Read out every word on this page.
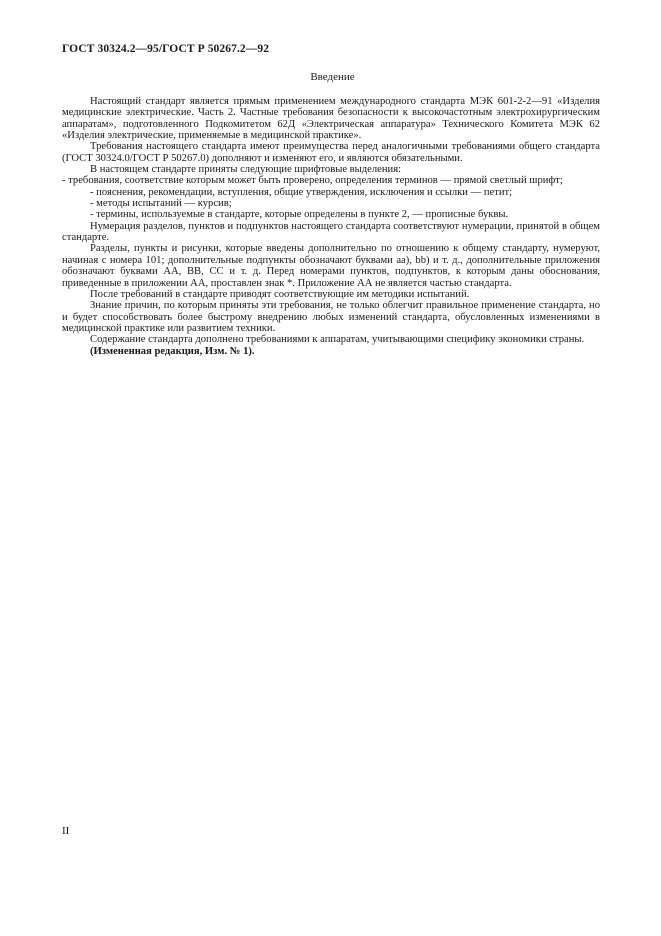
ГОСТ 30324.2—95/ГОСТ Р 50267.2—92
Введение

Настоящий стандарт является прямым применением международного стандарта МЭК 601-2-2—91 «Изделия медицинские электрические. Часть 2. Частные требования безопасности к высокочастотным электрохирургическим аппаратам», подготовленного Подкомитетом 62Д «Электрическая аппаратура» Технического Комитета МЭК 62 «Изделия электрические, применяемые в медицинской практике».

Требования настоящего стандарта имеют преимущества перед аналогичными требованиями общего стандарта (ГОСТ 30324.0/ГОСТ Р 50267.0) дополняют и изменяют его, и являются обязательными.

В настоящем стандарте приняты следующие шрифтовые выделения:

- требования, соответствие которым может быть проверено, определения терминов — прямой светлый шрифт;

- пояснения, рекомендации, вступления, общие утверждения, исключения и ссылки — петит;

- методы испытаний — курсив;

- термины, используемые в стандарте, которые определены в пункте 2, — прописные буквы.

Нумерация разделов, пунктов и подпунктов настоящего стандарта соответствуют нумерации, принятой в общем стандарте.

Разделы, пункты и рисунки, которые введены дополнительно по отношению к общему стандарту, нумеруют, начиная с номера 101; дополнительные подпункты обозначают буквами аа), bb) и т. д., дополнительные приложения обозначают буквами АА, ВВ, СС и т. д. Перед номерами пунктов, подпунктов, к которым даны обоснования, приведенные в приложении АА, проставлен знак *. Приложение АА не является частью стандарта.

После требований в стандарте приводят соответствующие им методики испытаний.

Знание причин, по которым приняты эти требования, не только облегчит правильное применение стандарта, но и будет способствовать более быстрому внедрению любых изменений стандарта, обусловленных изменениями в медицинской практике или развитием техники.

Содержание стандарта дополнено требованиями к аппаратам, учитывающими специфику экономики страны.

(Измененная редакция, Изм. № 1).

II
